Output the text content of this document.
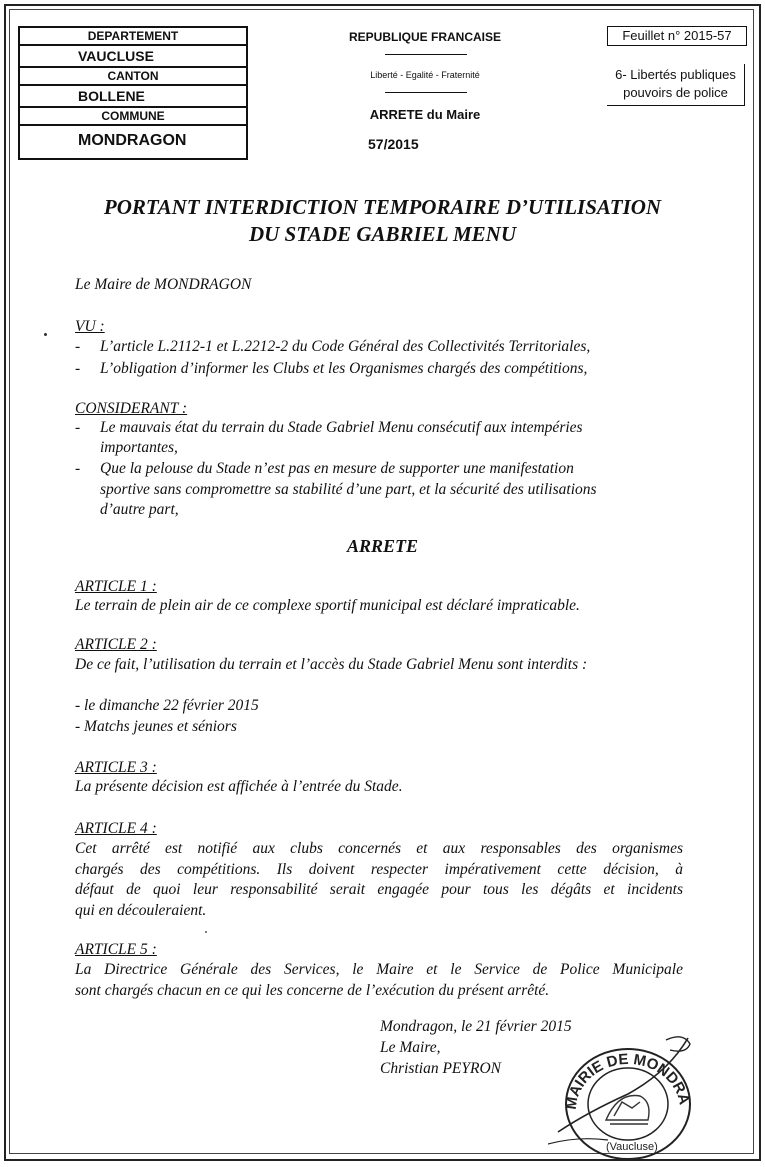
DEPARTEMENT
VAUCLUSE
CANTON
BOLLENE
COMMUNE
MONDRAGON
REPUBLIQUE FRANCAISE
Liberté - Egalité - Fraternité
ARRETE du Maire
57/2015
Feuillet n° 2015-57
6- Libertés publiques
pouvoirs de police
PORTANT INTERDICTION TEMPORAIRE D’UTILISATION
DU STADE GABRIEL MENU
Le Maire de MONDRAGON
VU :
- L’article L.2112-1 et L.2212-2 du Code Général des Collectivités Territoriales,
- L’obligation d’informer les Clubs et les Organismes chargés des compétitions,
CONSIDERANT :
- Le mauvais état du terrain du Stade Gabriel Menu consécutif aux intempéries
importantes,
- Que la pelouse du Stade n’est pas en mesure de supporter une manifestation
sportive sans compromettre sa stabilité d’une part, et la sécurité des utilisations
d’autre part,
ARRETE
ARTICLE 1 :
Le terrain de plein air de ce complexe sportif municipal est déclaré impraticable.
ARTICLE 2 :
De ce fait, l’utilisation du terrain et l’accès du Stade Gabriel Menu sont interdits :
- le dimanche 22 février 2015
- Matchs jeunes et séniors
ARTICLE 3 :
La présente décision est affichée à l’entrée du Stade.
ARTICLE 4 :
Cet arrêté est notifié aux clubs concernés et aux responsables des organismes
chargés des compétitions. Ils doivent respecter impérativement cette décision, à
défaut de quoi leur responsabilité serait engagée pour tous les dégâts et incidents
qui en découleraient.
ARTICLE 5 :
La Directrice Générale des Services, le Maire et le Service de Police Municipale
sont chargés chacun en ce qui les concerne de l’exécution du présent arrêté.
Mondragon, le 21 février 2015
Le Maire,
Christian PEYRON
MAIRIE DE MONDRA
(Vaucluse)
